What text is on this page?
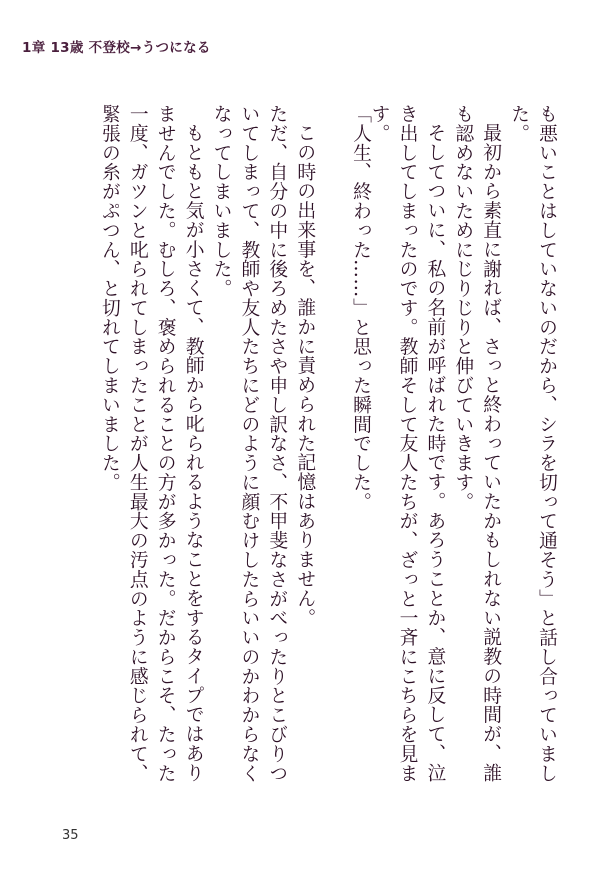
1章 13歳 不登校→うつになる

も悪いことはしていないのだから、シラを切って通そう」と話し合っていました。

最初から素直に謝れば、さっと終わっていたかもしれない説教の時間が、誰も認めないためにじりじりと伸びていきます。

そしてついに、私の名前が呼ばれた時です。あろうことか、意に反して、泣き出してしまったのです。教師そして友人たちが、ざっと一斉にこちらを見ます。

「人生、終わった……」と思った瞬間でした。

この時の出来事を、誰かに責められた記憶はありません。

ただ、自分の中に後ろめたさや申し訳なさ、不甲斐なさがべったりとこびりついてしまって、教師や友人たちにどのように顔むけしたらいいのかわからなくなってしまいました。

もともと気が小さくて、教師から叱られるようなことをするタイプではありませんでした。むしろ、褒められることの方が多かった。だからこそ、たった一度、ガツンと叱られてしまったことが人生最大の汚点のように感じられて、緊張の糸がぷつん、と切れてしまいました。

35
